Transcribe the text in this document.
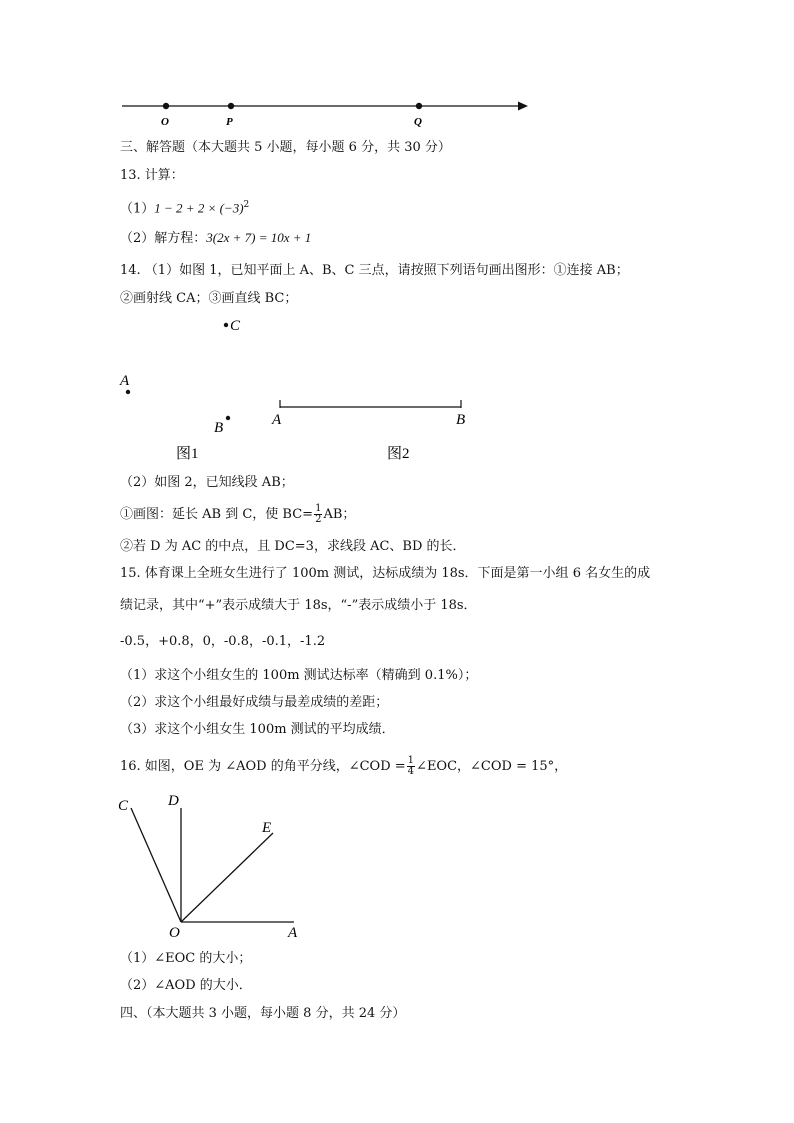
O	P	Q
C
A
B
图1
A	B
图2
C	D
E
O	A
三、解答题（本大题共 5 小题，每小题 6 分，共 30 分）
13. 计算：
$(1)1 - 2 + 2 \times (-3)^2$
（2）解方程：3(2x + 7) = 10x + 1
14. （1）如图 1，已知平面上 A、B、C 三点，请按照下列语句画出图形：①连接 AB；
②画射线 CA；③画直线 BC；
（2）如图 2，已知线段 AB；
①画图：延长 AB 到 C，使 $BC= \frac{1}{2}$ AB；
②若 D 为 AC 的中点，且 DC=3，求线段 AC、BD 的长．
15. 体育课上全班女生进行了 100m 测试，达标成绩为 18s．下面是第一小组 6 名女生的成
绩记录，其中“+”表示成绩大于 18s，“-”表示成绩小于 18s．
-0.5，+0.8，0，-0.8，-0.1，-1.2
（1）求这个小组女生的 100m 测试达标率（精确到 0.1%）；
（2）求这个小组最好成绩与最差成绩的差距；
（3）求这个小组女生 100m 测试的平均成绩．
16. 如图，OE 为 ∠AOD 的角平分线，∠COD = $\frac{1}{4}$ ∠EOC，∠COD = 15°，
（1）∠EOC 的大小；
（2）∠AOD 的大小．
四、（本大题共 3 小题，每小题 8 分，共 24 分）
